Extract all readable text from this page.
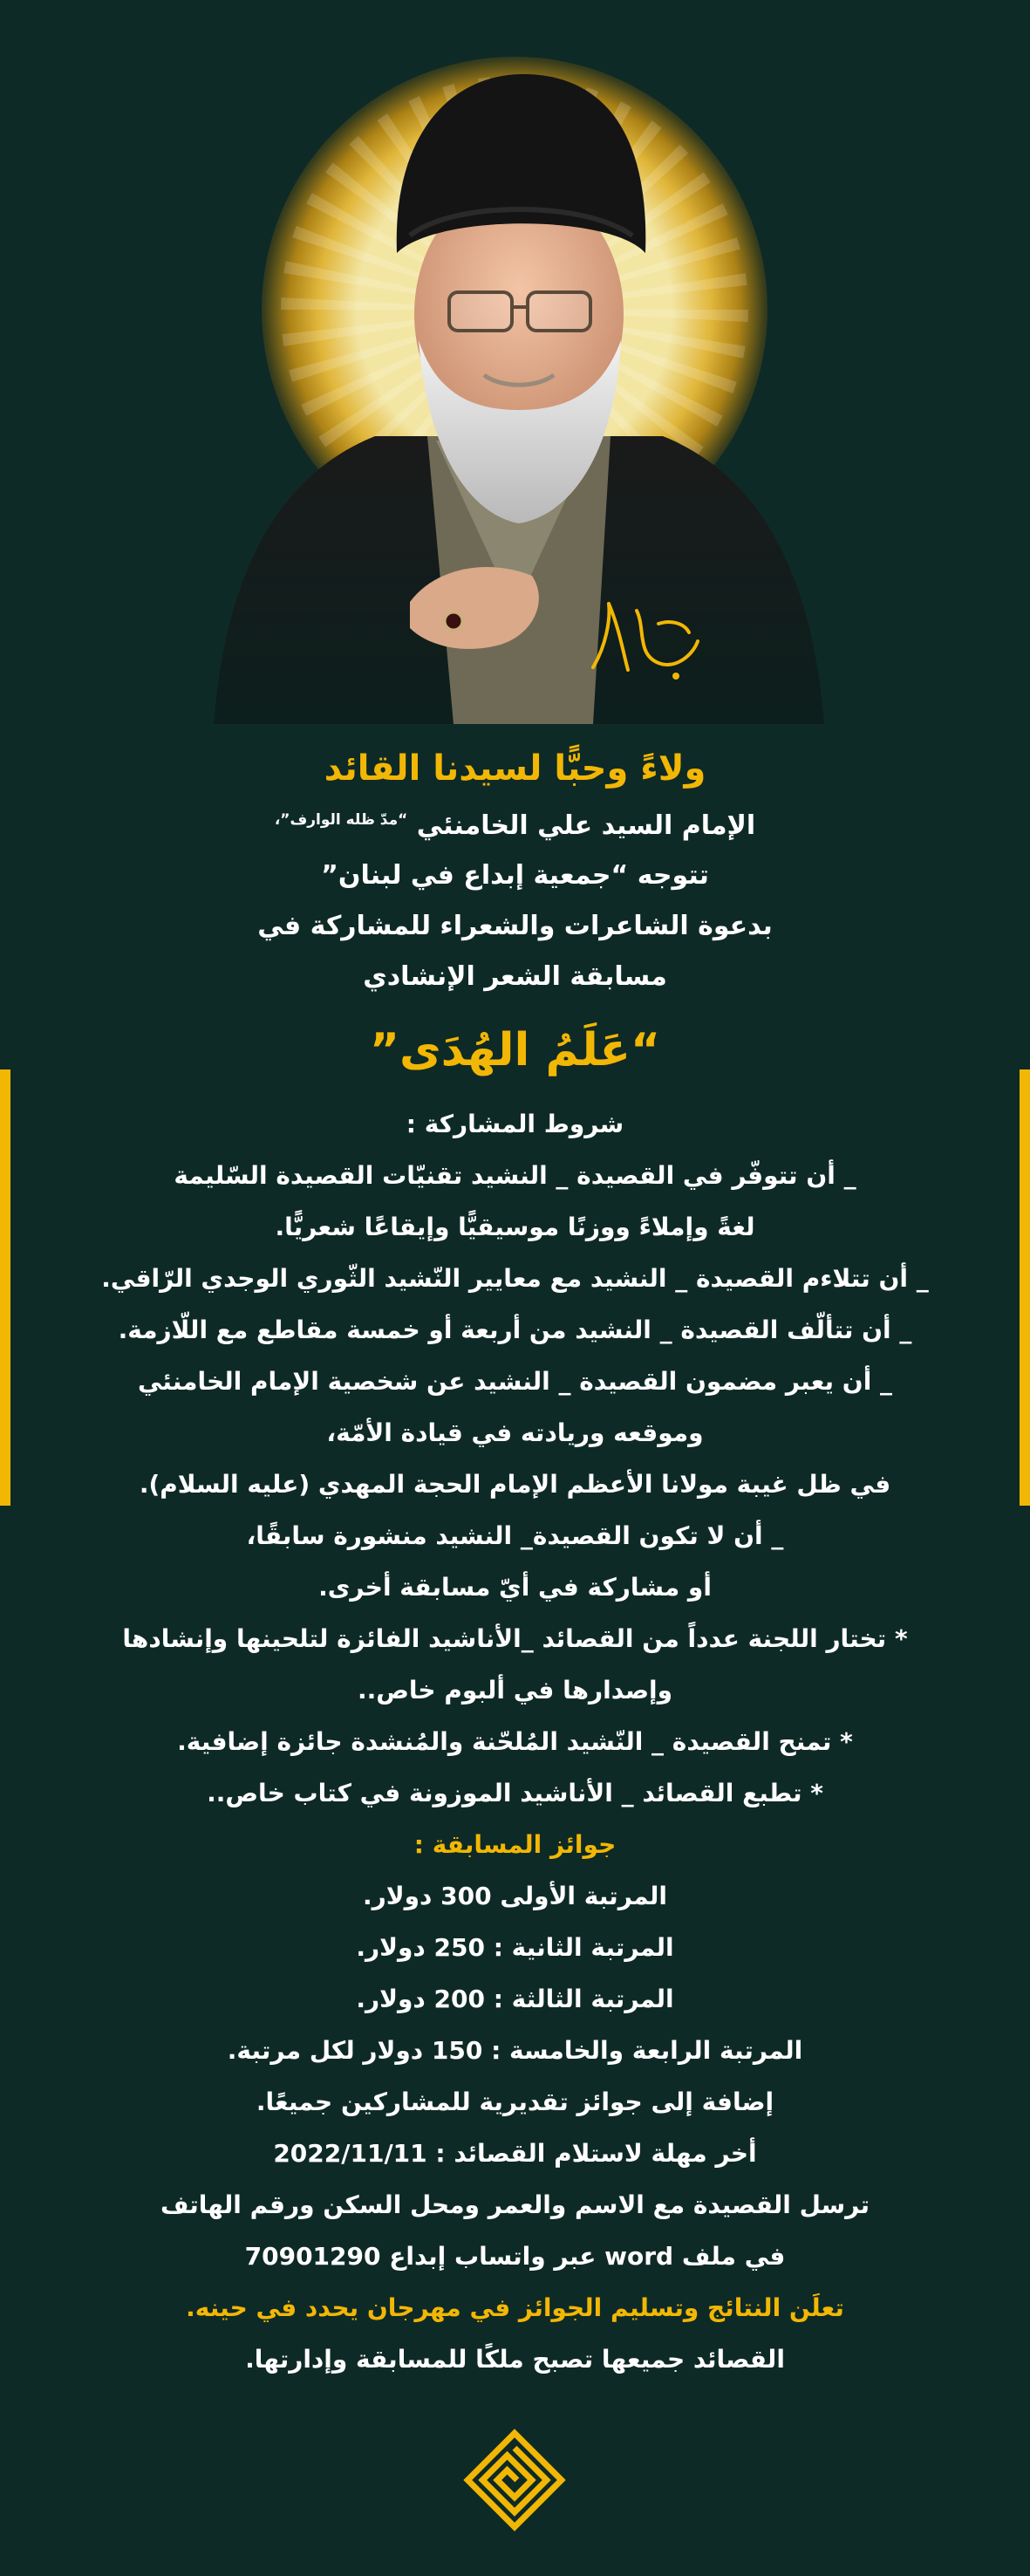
ولاءً وحبًّا لسيدنا القائد
الإمام السيد علي الخامنئي $^{“مدّ ظله الوارف”،}$
تتوجه “جمعية إبداع في لبنان”
بدعوة الشاعرات والشعراء للمشاركة في
مسابقة الشعر الإنشادي
“عَلَمُ الهُدَى”
شروط المشاركة :
_ أن تتوفّر في القصيدة _ النشيد تقنيّات القصيدة السّليمة
لغةً وإملاءً ووزنًا موسيقيًّا وإيقاعًا شعريًّا.
_ أن تتلاءم القصيدة _ النشيد مع معايير النّشيد الثّوري الوجدي الرّاقي.
_ أن تتألّف القصيدة _ النشيد من أربعة أو خمسة مقاطع مع اللّازمة.
_ أن يعبر مضمون القصيدة _ النشيد عن شخصية الإمام الخامنئي
وموقعه وريادته في قيادة الأمّة،
في ظل غيبة مولانا الأعظم الإمام الحجة المهدي (عليه السلام).
_ أن لا تكون القصيدة_ النشيد منشورة سابقًا،
أو مشاركة في أيّ مسابقة أخرى.
* تختار اللجنة عدداً من القصائد _الأناشيد الفائزة لتلحينها وإنشادها
وإصدارها في ألبوم خاص..
* تمنح القصيدة _ النّشيد المُلحّنة والمُنشدة جائزة إضافية.
* تطبع القصائد _ الأناشيد الموزونة في كتاب خاص..
جوائز المسابقة :
المرتبة الأولى 300 دولار.
المرتبة الثانية : 250 دولار.
المرتبة الثالثة : 200 دولار.
المرتبة الرابعة والخامسة : 150 دولار لكل مرتبة.
إضافة إلى جوائز تقديرية للمشاركين جميعًا.
أخر مهلة لاستلام القصائد : 2022/11/11
ترسل القصيدة مع الاسم والعمر ومحل السكن ورقم الهاتف
في ملف word عبر واتساب إبداع 70901290
تعلَن النتائج وتسليم الجوائز في مهرجان يحدد في حينه.
القصائد جميعها تصبح ملكًا للمسابقة وإدارتها.
